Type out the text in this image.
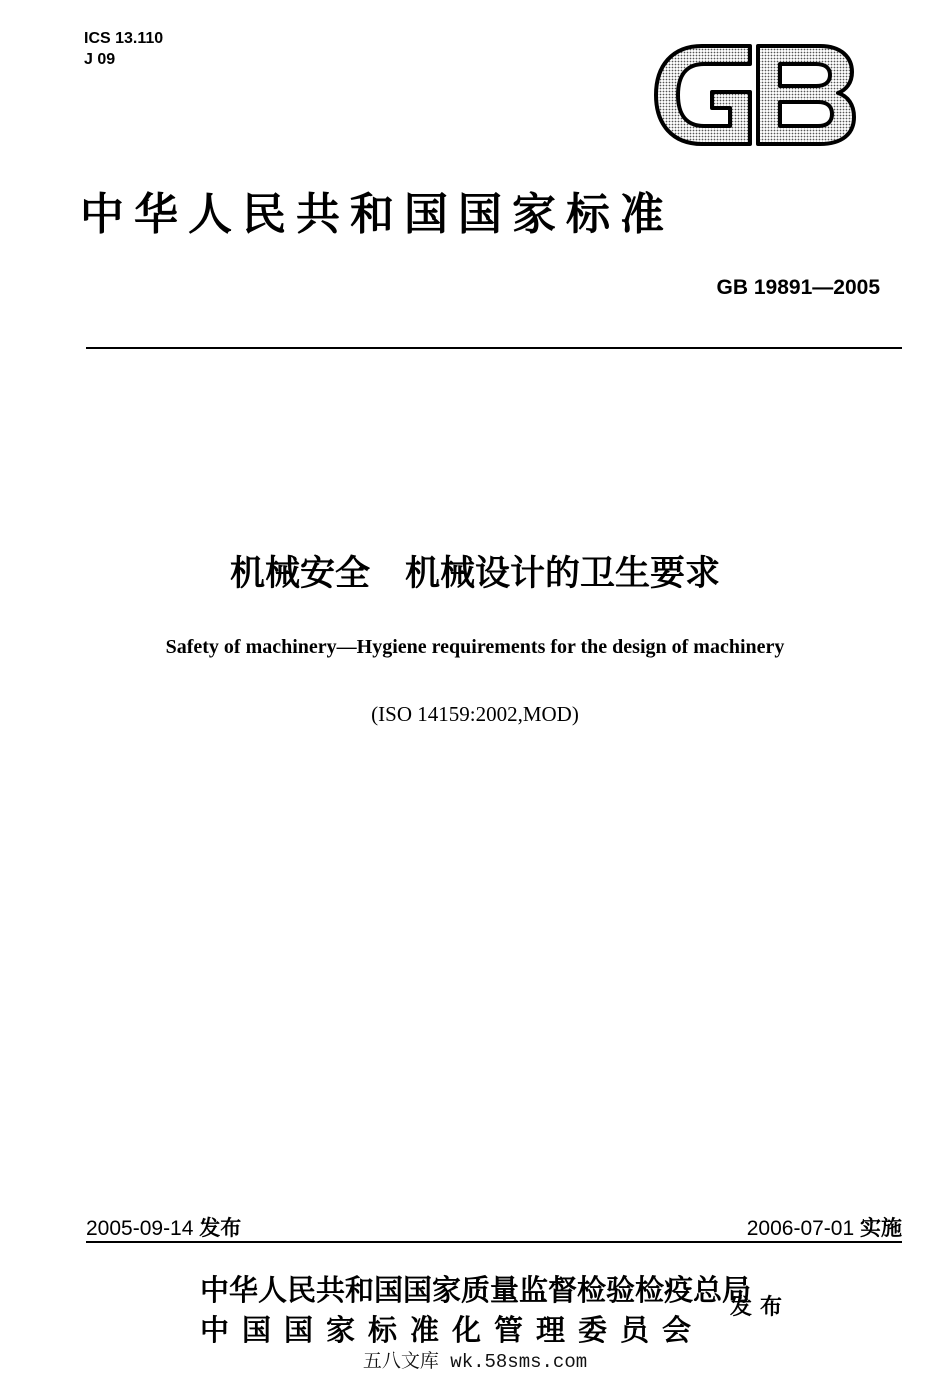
ICS 13.110
J 09
GB
中华人民共和国国家标准
GB 19891—2005
机械安全　机械设计的卫生要求
Safety of machinery—Hygiene requirements for the design of machinery
(ISO 14159:2002,MOD)
2005-09-14 发布	2006-07-01 实施
中华人民共和国国家质量监督检验检疫总局
中国国家标准化管理委员会
发布
五八文库 wk.58sms.com
